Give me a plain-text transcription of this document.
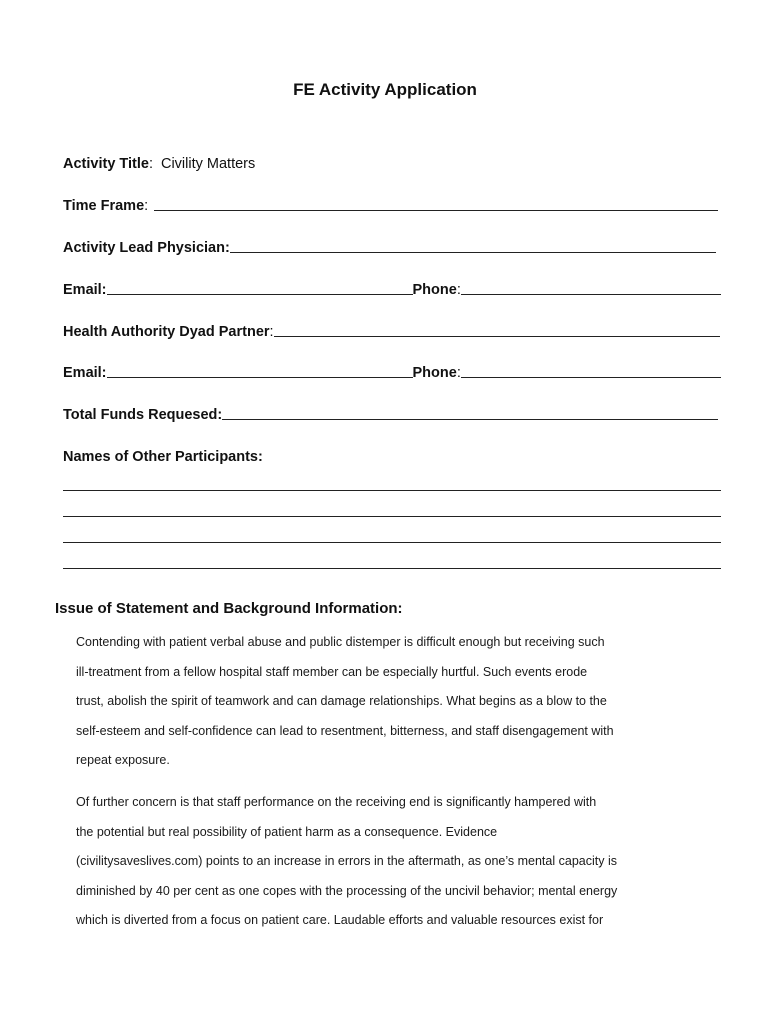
FE Activity Application
Activity Title : Civility Matters
Time Frame :
Activity Lead Physician:
Email:	Phone :
Health Authority Dyad Partner :
Email:	Phone :
Total Funds Requesed:
Names of Other Participants:
Issue of Statement and Background Information:
Contending with patient verbal abuse and public distemper is difficult enough but receiving such
ill-treatment from a fellow hospital staff member can be especially hurtful. Such events erode
trust, abolish the spirit of teamwork and can damage relationships. What begins as a blow to the
self-esteem and self-confidence can lead to resentment, bitterness, and staff disengagement with
repeat exposure.
Of further concern is that staff performance on the receiving end is significantly hampered with
the potential but real possibility of patient harm as a consequence. Evidence
(civilitysaveslives.com) points to an increase in errors in the aftermath, as one’s mental capacity is
diminished by 40 per cent as one copes with the processing of the uncivil behavior; mental energy
which is diverted from a focus on patient care. Laudable efforts and valuable resources exist for
